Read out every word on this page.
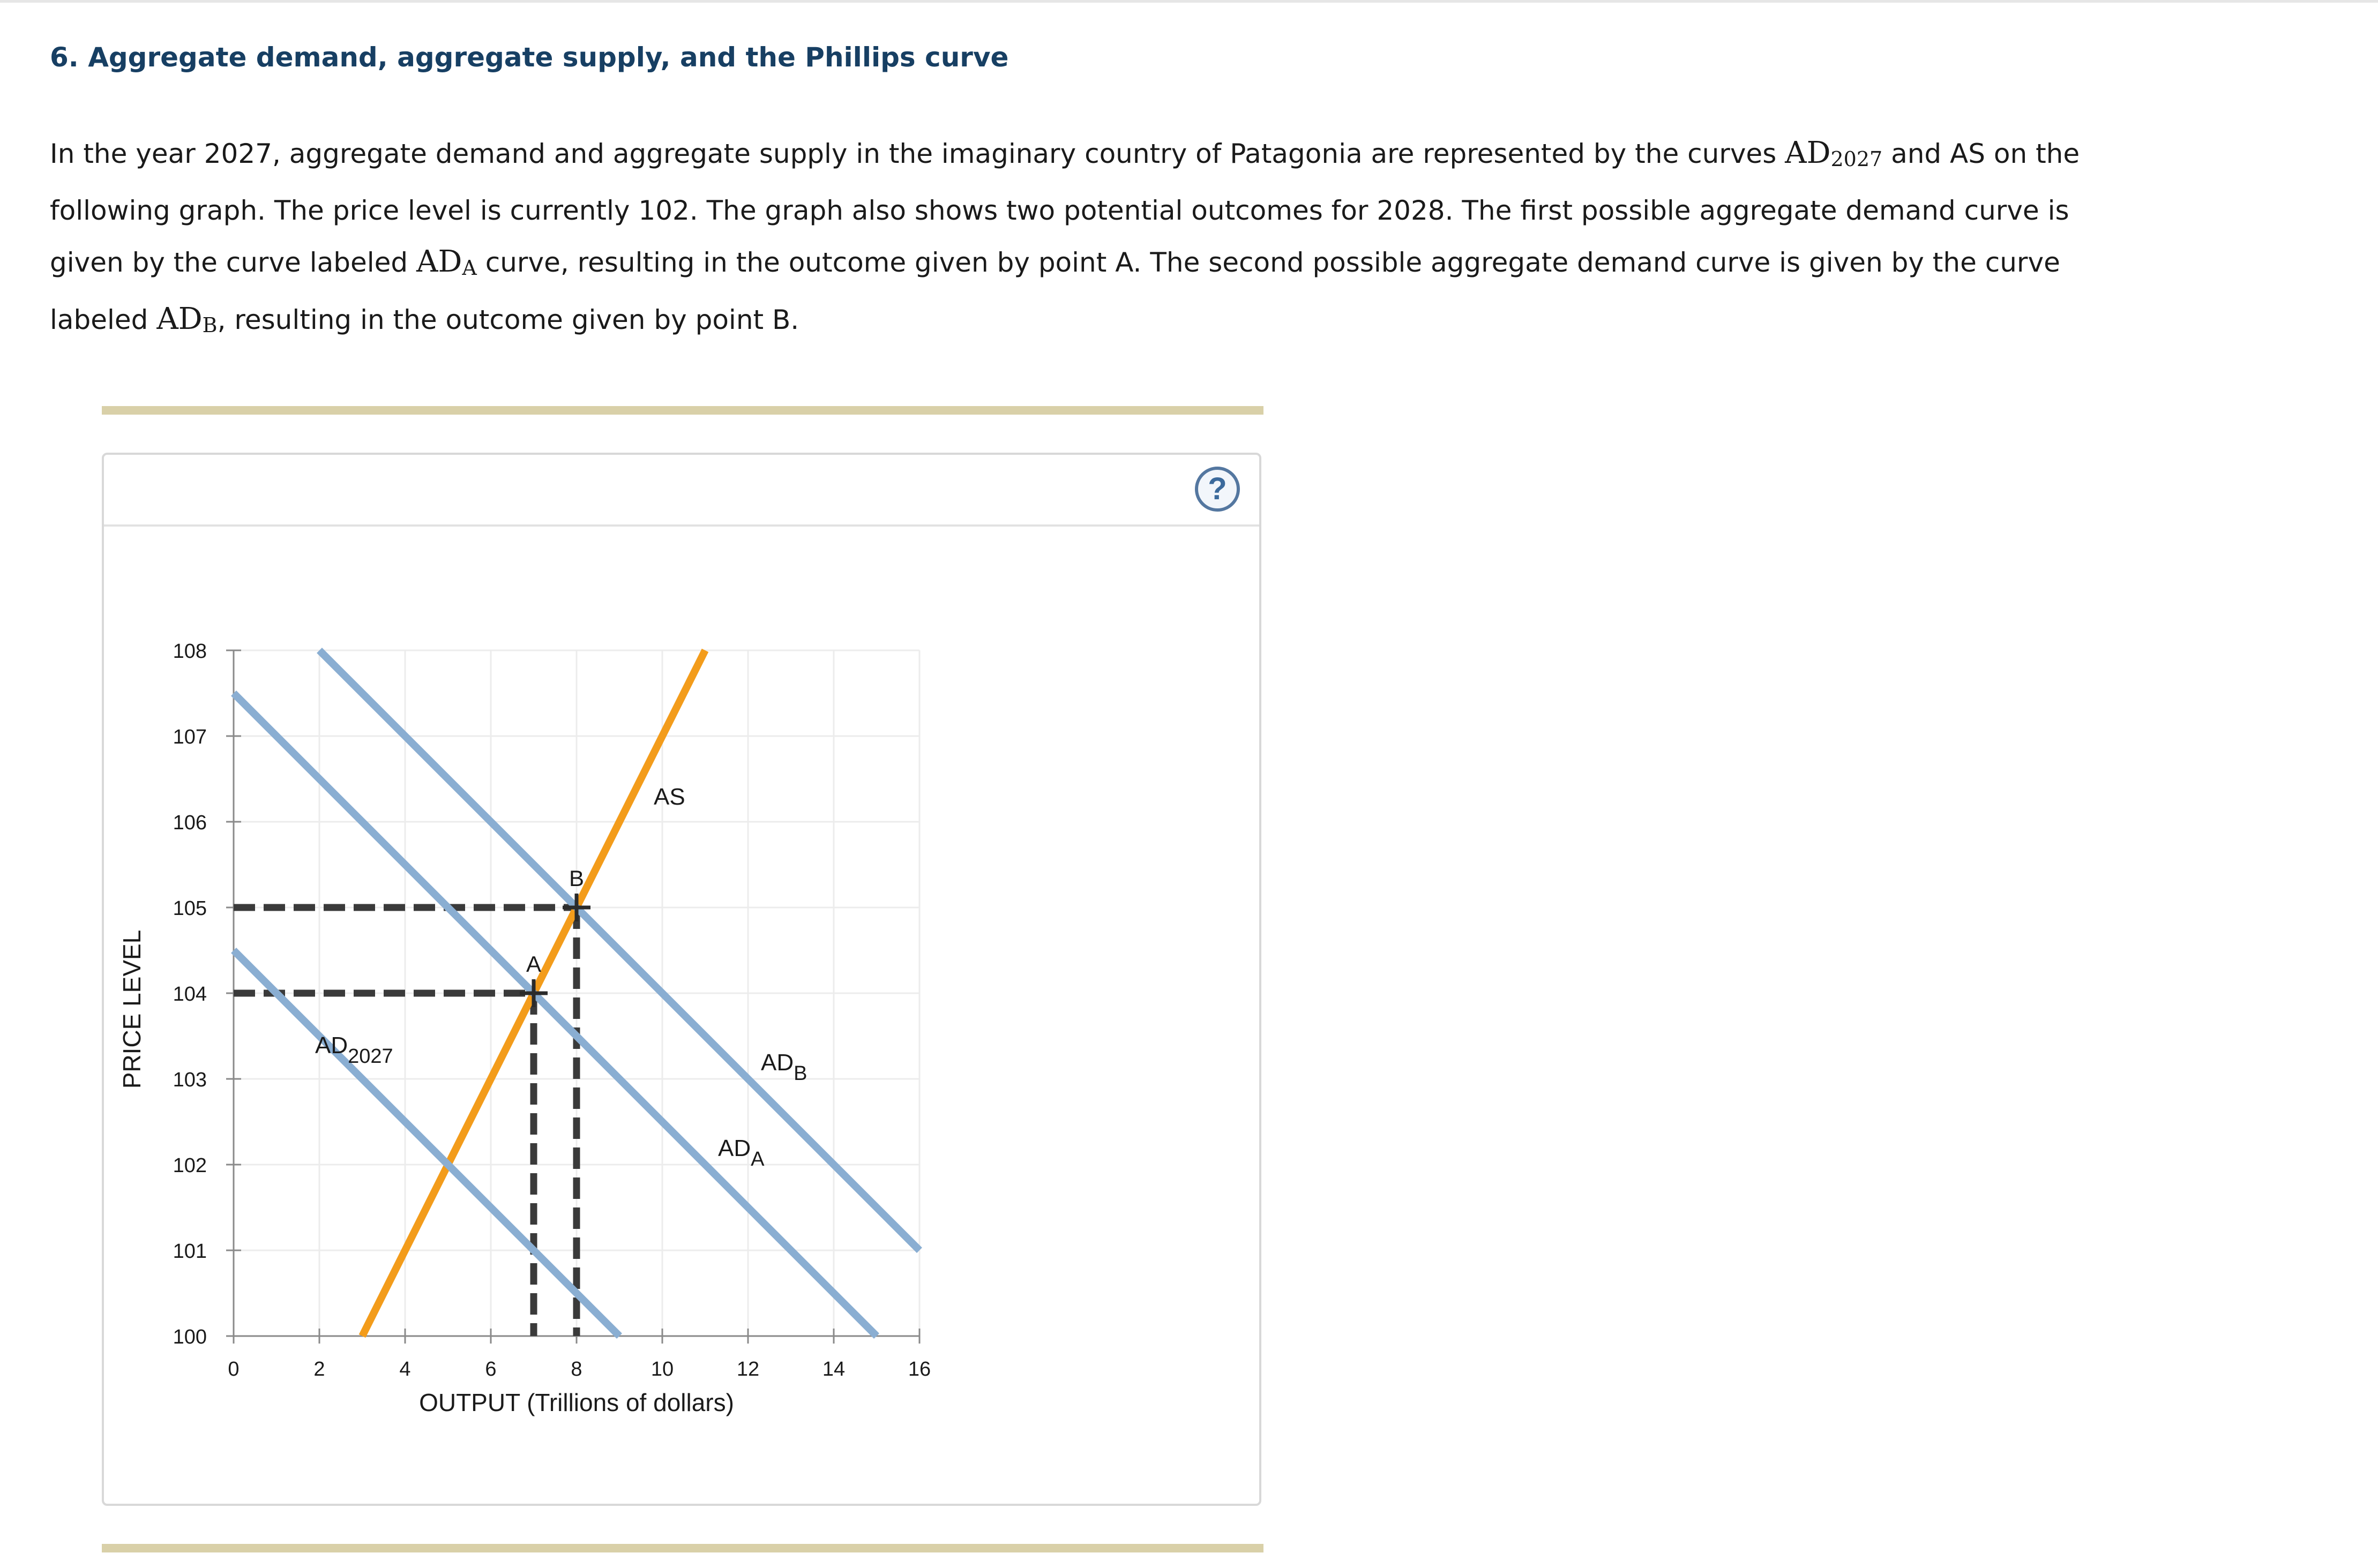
6. Aggregate demand, aggregate supply, and the Phillips curve

In the year 2027, aggregate demand and aggregate supply in the imaginary country of Patagonia are represented by the curves $AD_{2027}$ and AS on the following graph. The price level is currently 102. The graph also shows two potential outcomes for 2028. The first possible aggregate demand curve is given by the curve labeled $AD_A$ curve, resulting in the outcome given by point A. The second possible aggregate demand curve is given by the curve labeled $AD_B$, resulting in the outcome given by point B.

?
100
101
102
103
104
105
106
107
108
0	2	4	6	8	10	12	14	16
OUTPUT (Trillions of dollars)
PRICE LEVEL	A
B
AS
AD2027
ADA
ADB
